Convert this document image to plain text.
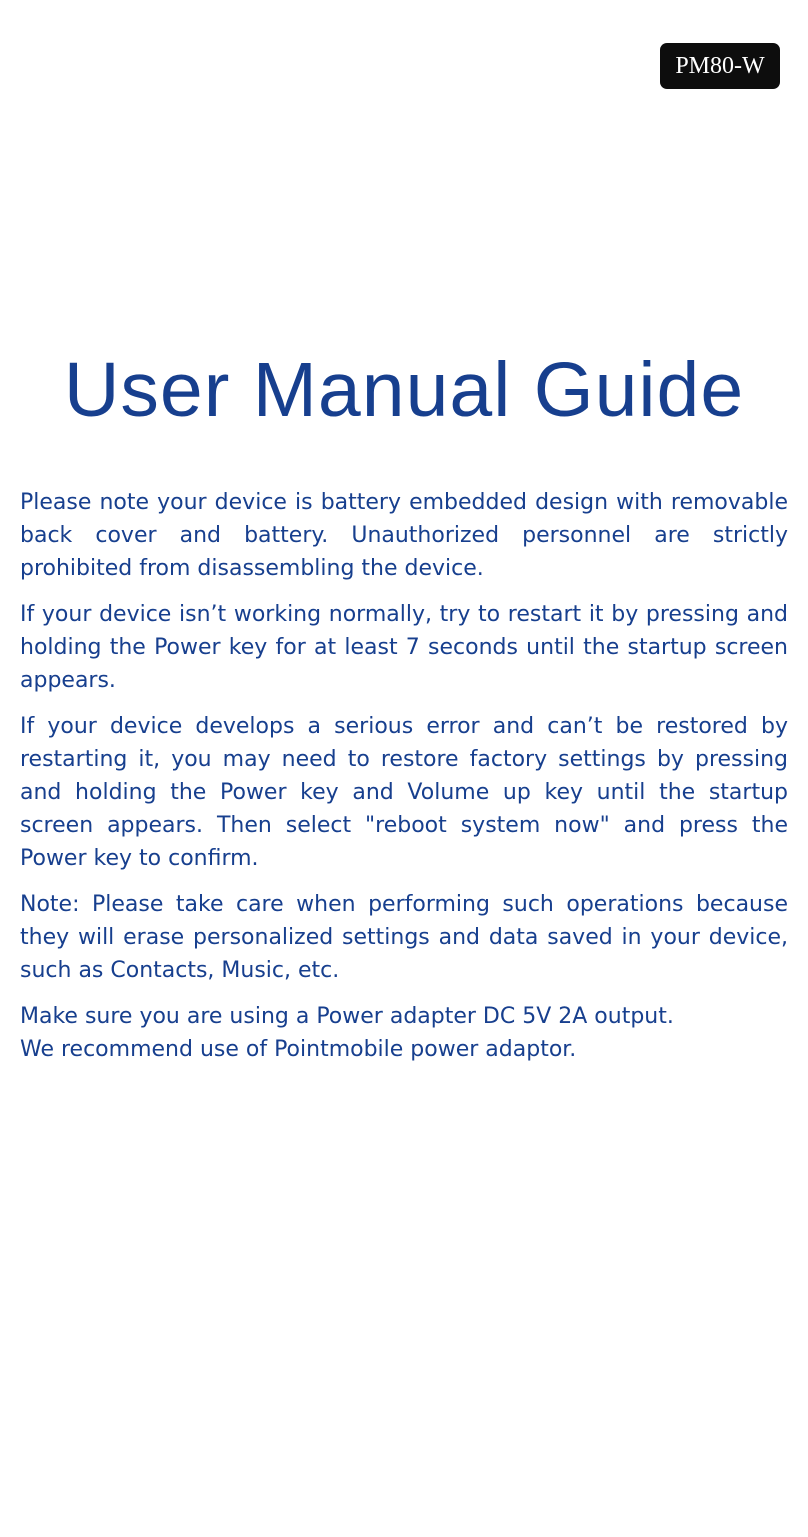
PM80-W
User Manual Guide

Please note your device is battery embedded design with removable back cover and battery. Unauthorized personnel are strictly prohibited from disassembling the device.

If your device isn’t working normally, try to restart it by pressing and holding the Power key for at least 7 seconds until the startup screen appears.

If your device develops a serious error and can’t be restored by restarting it, you may need to restore factory settings by pressing and holding the Power key and Volume up key until the startup screen appears. Then select "reboot system now" and press the Power key to confirm.

Note: Please take care when performing such operations because they will erase personalized settings and data saved in your device, such as Contacts, Music, etc.

Make sure you are using a Power adapter DC 5V 2A output.
We recommend use of Pointmobile power adaptor.
